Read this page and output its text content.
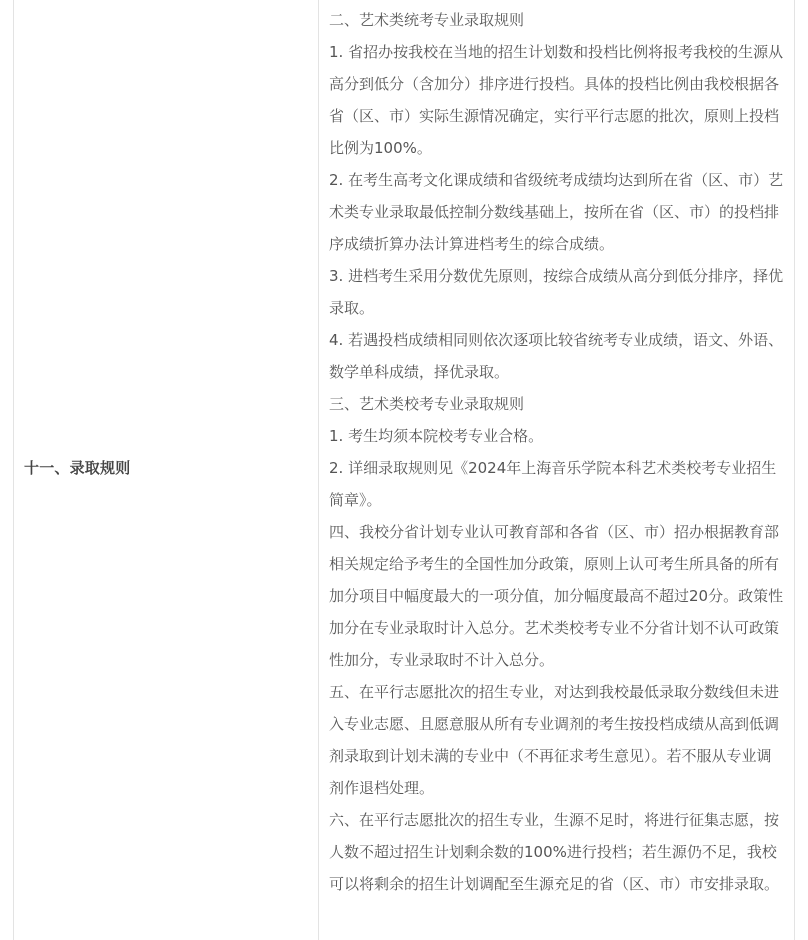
十一、录取规则

二、艺术类统考专业录取规则

1. 省招办按我校在当地的招生计划数和投档比例将报考我校的生源从高分到低分（含加分）排序进行投档。具体的投档比例由我校根据各省（区、市）实际生源情况确定，实行平行志愿的批次，原则上投档比例为100%。

2. 在考生高考文化课成绩和省级统考成绩均达到所在省（区、市）艺术类专业录取最低控制分数线基础上，按所在省（区、市）的投档排序成绩折算办法计算进档考生的综合成绩。

3. 进档考生采用分数优先原则，按综合成绩从高分到低分排序，择优录取。

4. 若遇投档成绩相同则依次逐项比较省统考专业成绩，语文、外语、数学单科成绩，择优录取。

三、艺术类校考专业录取规则

1. 考生均须本院校考专业合格。

2. 详细录取规则见《2024年上海音乐学院本科艺术类校考专业招生简章》。

四、我校分省计划专业认可教育部和各省（区、市）招办根据教育部相关规定给予考生的全国性加分政策，原则上认可考生所具备的所有加分项目中幅度最大的一项分值，加分幅度最高不超过20分。政策性加分在专业录取时计入总分。艺术类校考专业不分省计划不认可政策性加分，专业录取时不计入总分。

五、在平行志愿批次的招生专业，对达到我校最低录取分数线但未进入专业志愿、且愿意服从所有专业调剂的考生按投档成绩从高到低调剂录取到计划未满的专业中（不再征求考生意见）。若不服从专业调剂作退档处理。

六、在平行志愿批次的招生专业，生源不足时，将进行征集志愿，按人数不超过招生计划剩余数的100%进行投档；若生源仍不足，我校可以将剩余的招生计划调配至生源充足的省（区、市）市安排录取。
